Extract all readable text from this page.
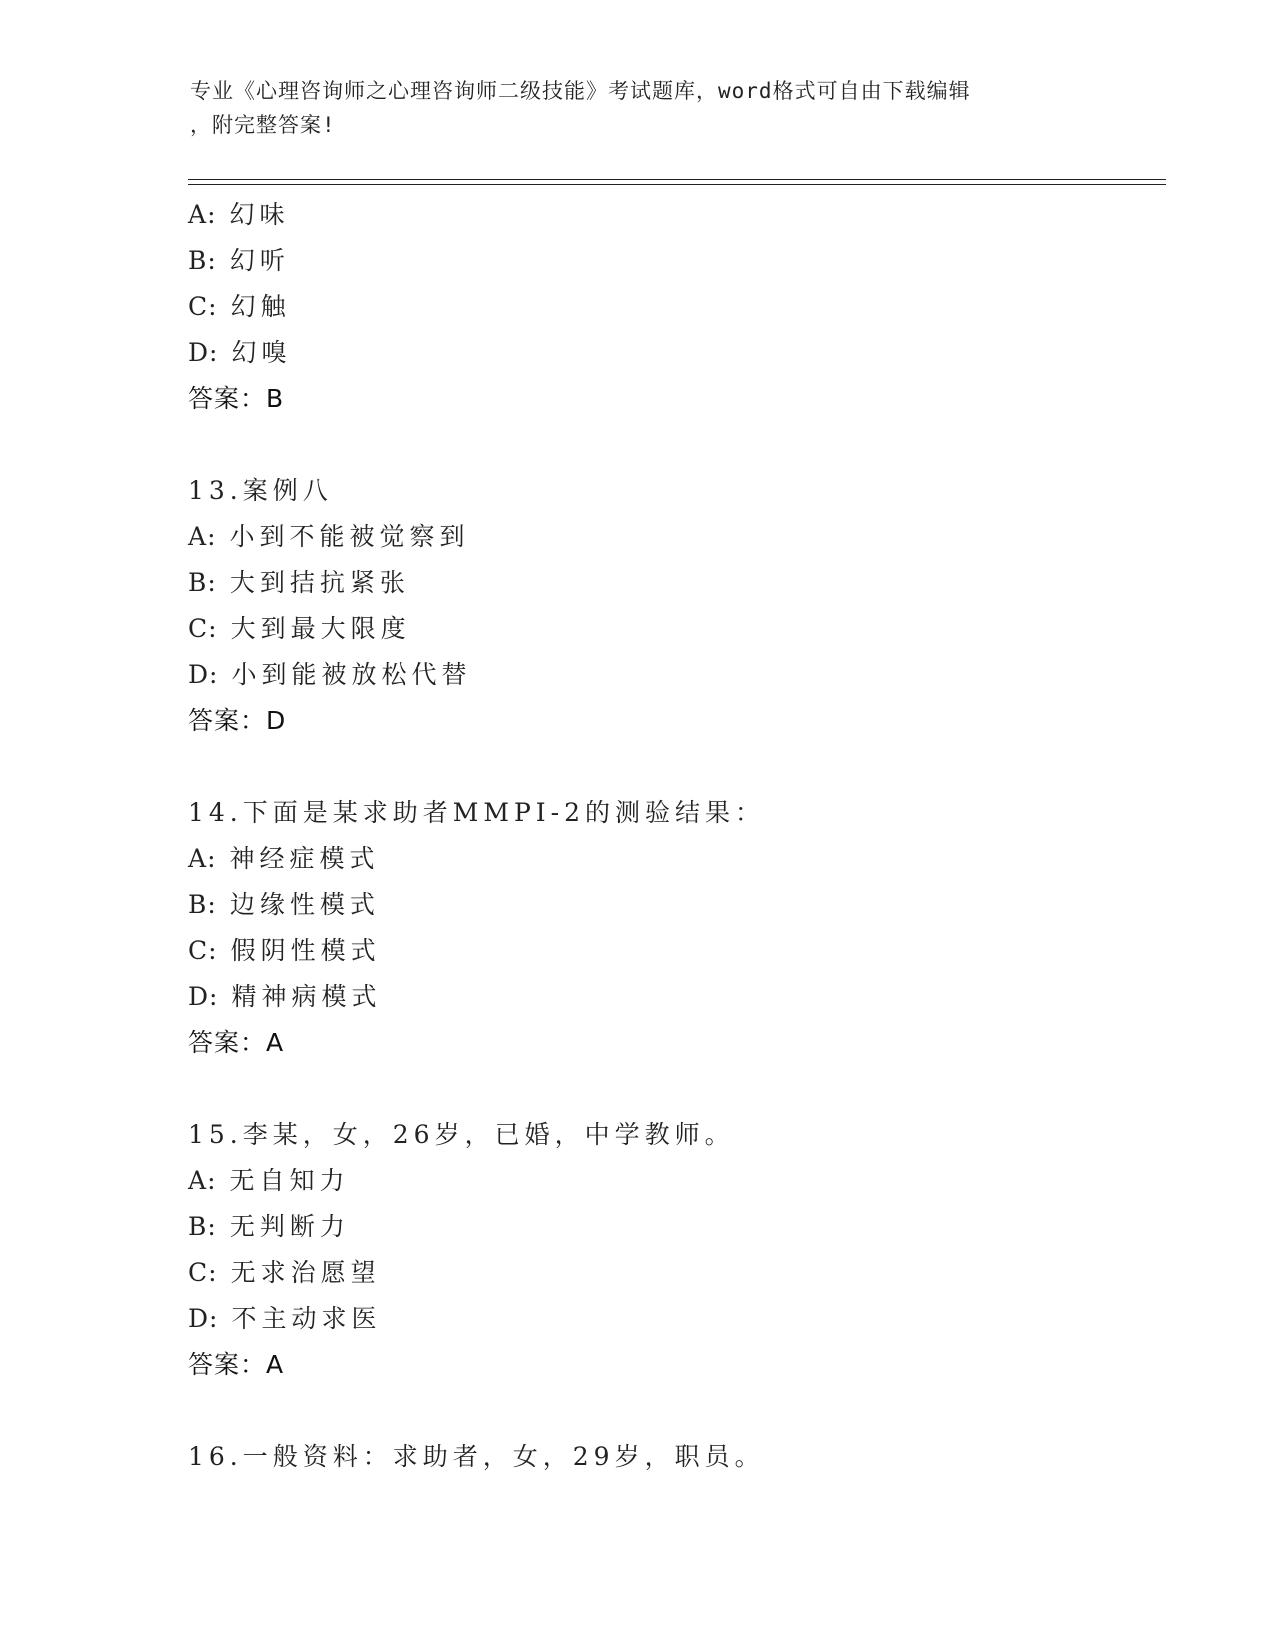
专业《心理咨询师之心理咨询师二级技能》考试题库，word格式可自由下载编辑
，附完整答案!
A: 幻味
B: 幻听
C: 幻触
D: 幻嗅
答案：B
13.案例八
A: 小到不能被觉察到
B: 大到拮抗紧张
C: 大到最大限度
D: 小到能被放松代替
答案：D
14.下面是某求助者MMPI-2的测验结果：
A: 神经症模式
B: 边缘性模式
C: 假阴性模式
D: 精神病模式
答案：A
15.李某，女，26岁，已婚，中学教师。
A: 无自知力
B: 无判断力
C: 无求治愿望
D: 不主动求医
答案：A
16.一般资料：求助者，女，29岁，职员。
